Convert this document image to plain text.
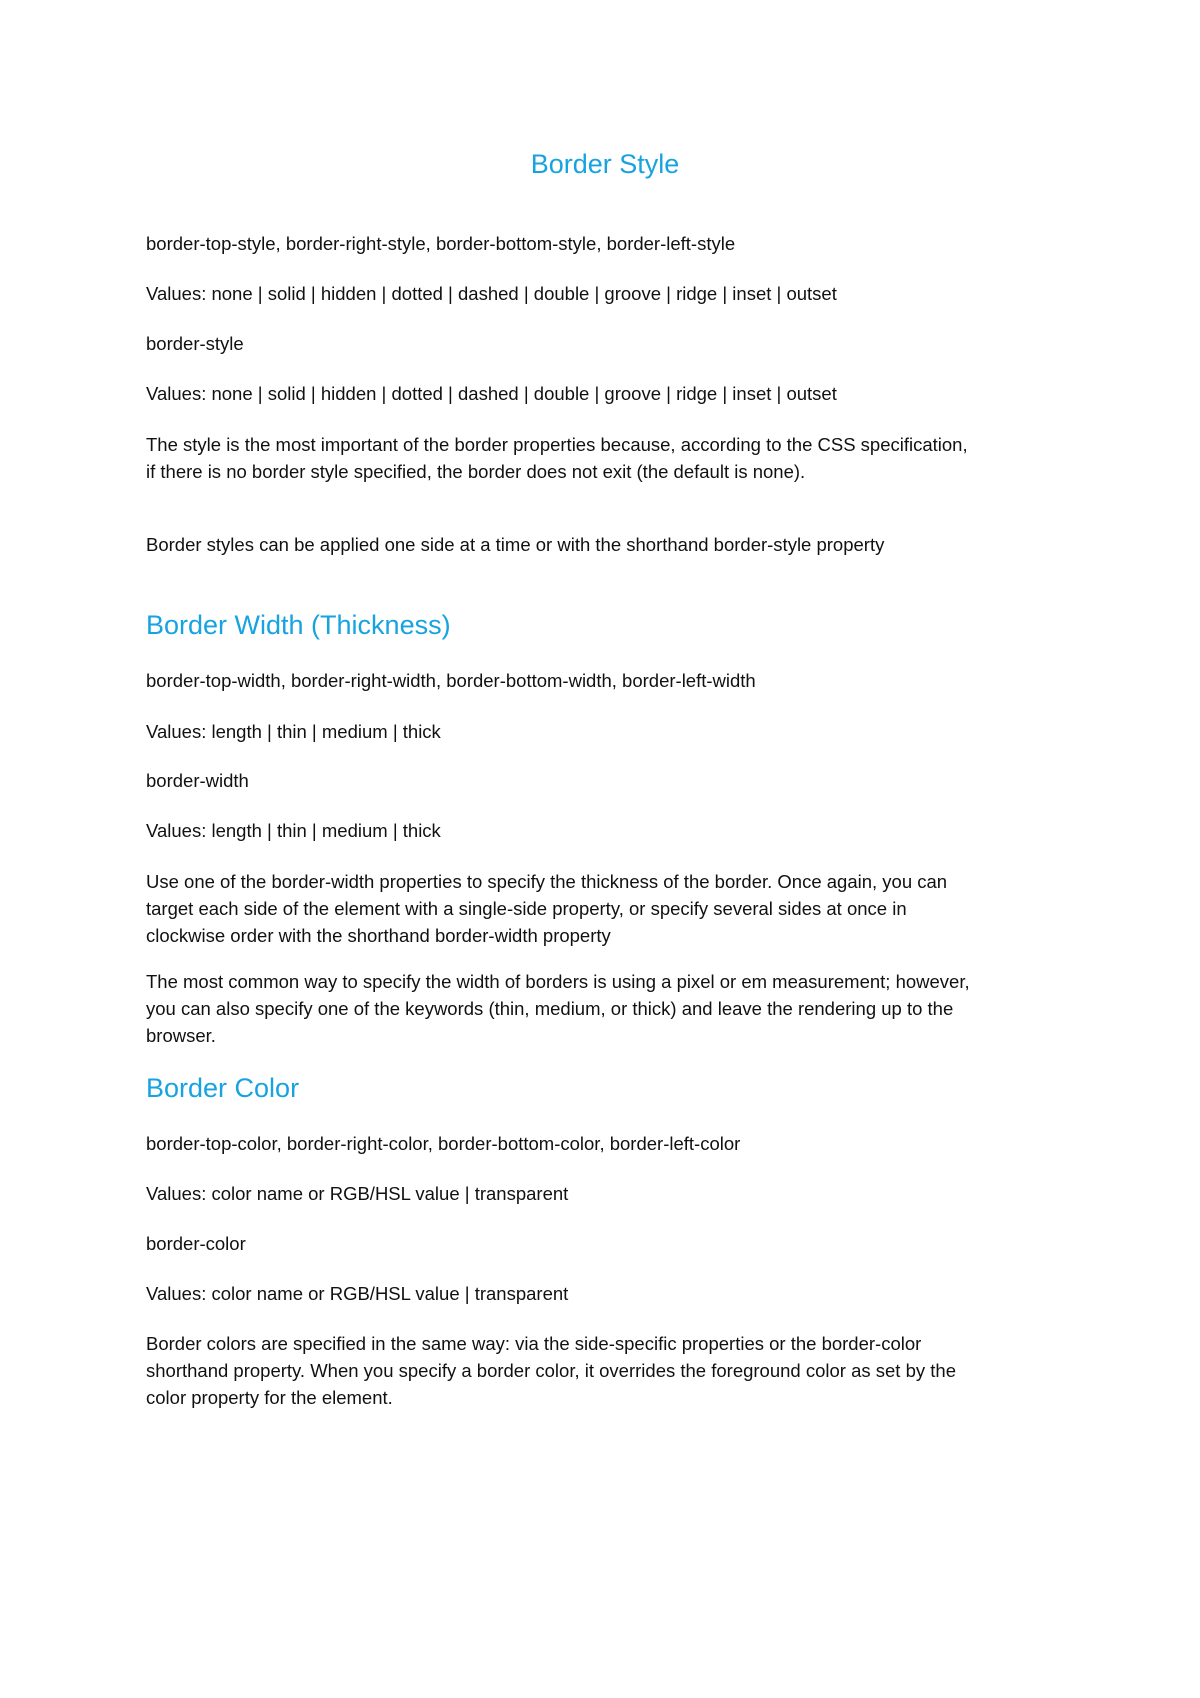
Border Style

border-top-style, border-right-style, border-bottom-style, border-left-style

Values: none | solid | hidden | dotted | dashed | double | groove | ridge | inset | outset

border-style

Values: none | solid | hidden | dotted | dashed | double | groove | ridge | inset | outset

The style is the most important of the border properties because, according to the CSS specification, if there is no border style specified, the border does not exit (the default is none).

Border styles can be applied one side at a time or with the shorthand border-style property

Border Width (Thickness)

border-top-width, border-right-width, border-bottom-width, border-left-width

Values: length | thin | medium | thick

border-width

Values: length | thin | medium | thick

Use one of the border-width properties to specify the thickness of the border. Once again, you can target each side of the element with a single-side property, or specify several sides at once in clockwise order with the shorthand border-width property

The most common way to specify the width of borders is using a pixel or em measurement; however, you can also specify one of the keywords (thin, medium, or thick) and leave the rendering up to the browser.

Border Color

border-top-color, border-right-color, border-bottom-color, border-left-color

Values: color name or RGB/HSL value | transparent

border-color

Values: color name or RGB/HSL value | transparent

Border colors are specified in the same way: via the side-specific properties or the border-color shorthand property. When you specify a border color, it overrides the foreground color as set by the color property for the element.
